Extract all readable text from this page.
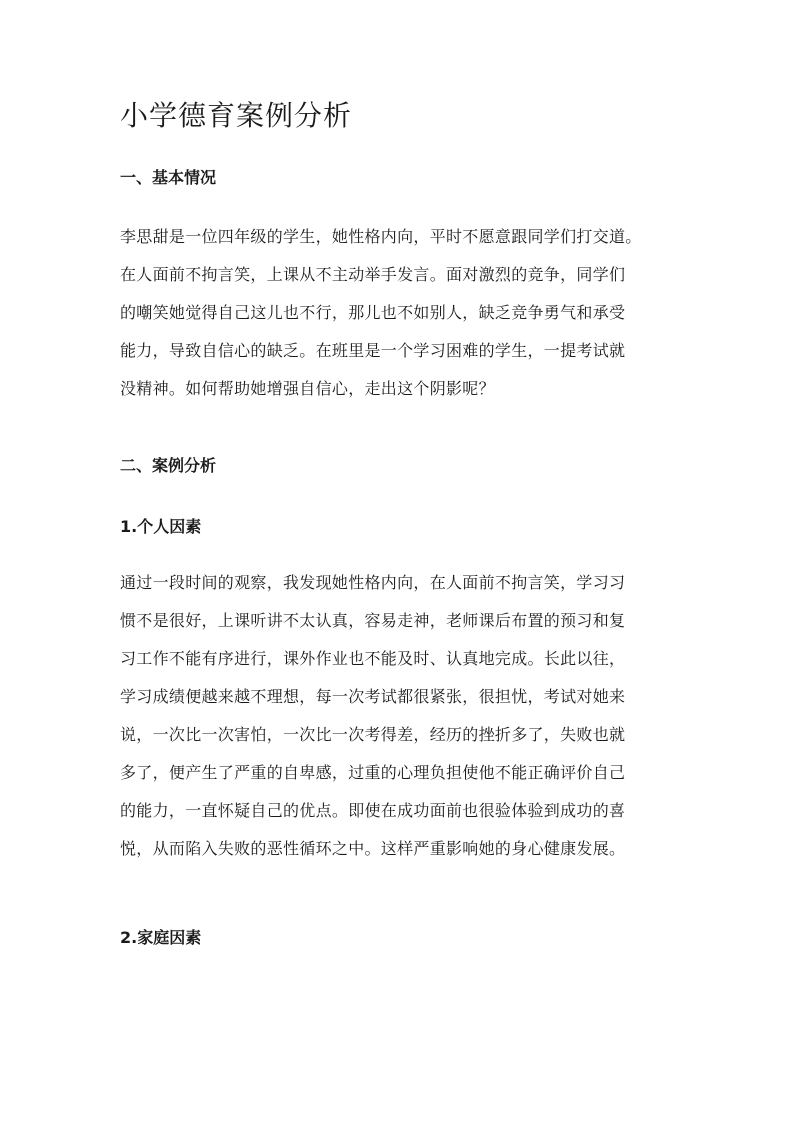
小学德育案例分析
一、基本情况
李思甜是一位四年级的学生，她性格内向，平时不愿意跟同学们打交道。
在人面前不拘言笑，上课从不主动举手发言。面对激烈的竞争，同学们
的嘲笑她觉得自己这儿也不行，那儿也不如别人，缺乏竞争勇气和承受
能力，导致自信心的缺乏。在班里是一个学习困难的学生，一提考试就
没精神。如何帮助她增强自信心，走出这个阴影呢？
二、案例分析
1.个人因素
通过一段时间的观察，我发现她性格内向，在人面前不拘言笑，学习习
惯不是很好，上课听讲不太认真，容易走神，老师课后布置的预习和复
习工作不能有序进行，课外作业也不能及时、认真地完成。长此以往，
学习成绩便越来越不理想，每一次考试都很紧张，很担忧，考试对她来
说，一次比一次害怕，一次比一次考得差，经历的挫折多了，失败也就
多了，便产生了严重的自卑感，过重的心理负担使他不能正确评价自己
的能力，一直怀疑自己的优点。即使在成功面前也很验体验到成功的喜
悦，从而陷入失败的恶性循环之中。这样严重影响她的身心健康发展。
2.家庭因素
